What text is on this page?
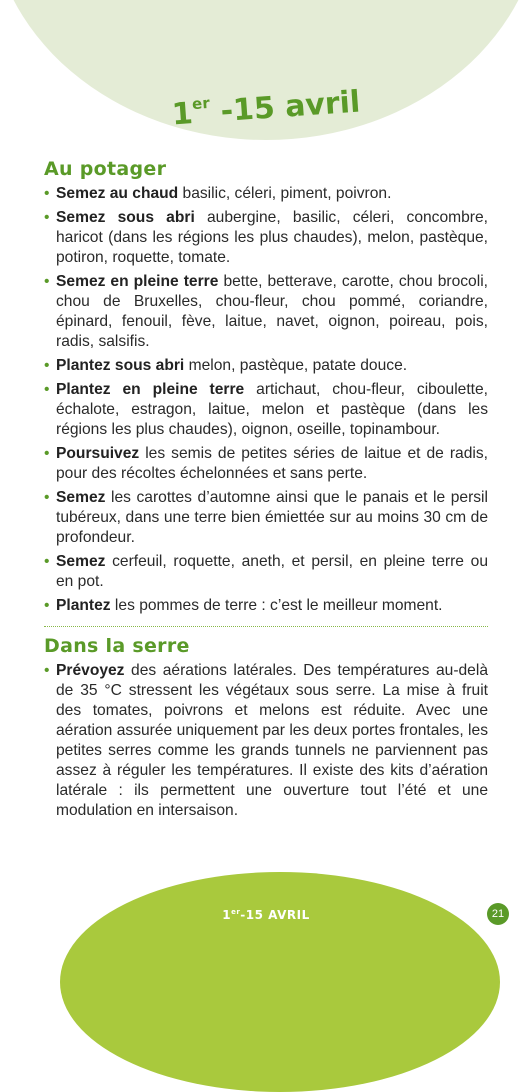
1er -15 avril
Au potager
• Semez au chaud basilic, céleri, piment, poivron.
• Semez sous abri aubergine, basilic, céleri, concombre, haricot (dans les régions les plus chaudes), melon, pastèque, potiron, roquette, tomate.
• Semez en pleine terre bette, betterave, carotte, chou brocoli, chou de Bruxelles, chou-fleur, chou pommé, coriandre, épinard, fenouil, fève, laitue, navet, oignon, poireau, pois, radis, salsifis.
• Plantez sous abri melon, pastèque, patate douce.
• Plantez en pleine terre artichaut, chou-fleur, ciboulette, échalote, estragon, laitue, melon et pastèque (dans les régions les plus chaudes), oignon, oseille, topinambour.
• Poursuivez les semis de petites séries de laitue et de radis, pour des récoltes échelonnées et sans perte.
• Semez les carottes d’automne ainsi que le panais et le persil tubéreux, dans une terre bien émiettée sur au moins 30 cm de profondeur.
• Semez cerfeuil, roquette, aneth, et persil, en pleine terre ou en pot.
• Plantez les pommes de terre : c’est le meilleur moment.
Dans la serre
• Prévoyez des aérations latérales. Des températures au-delà de 35 °C stressent les végétaux sous serre. La mise à fruit des tomates, poivrons et melons est réduite. Avec une aération assurée uniquement par les deux portes frontales, les petites serres comme les grands tunnels ne parviennent pas assez à réguler les températures. Il existe des kits d’aération latérale : ils permettent une ouverture tout l’été et une modulation en intersaison.
1er-15 AVRIL	21
